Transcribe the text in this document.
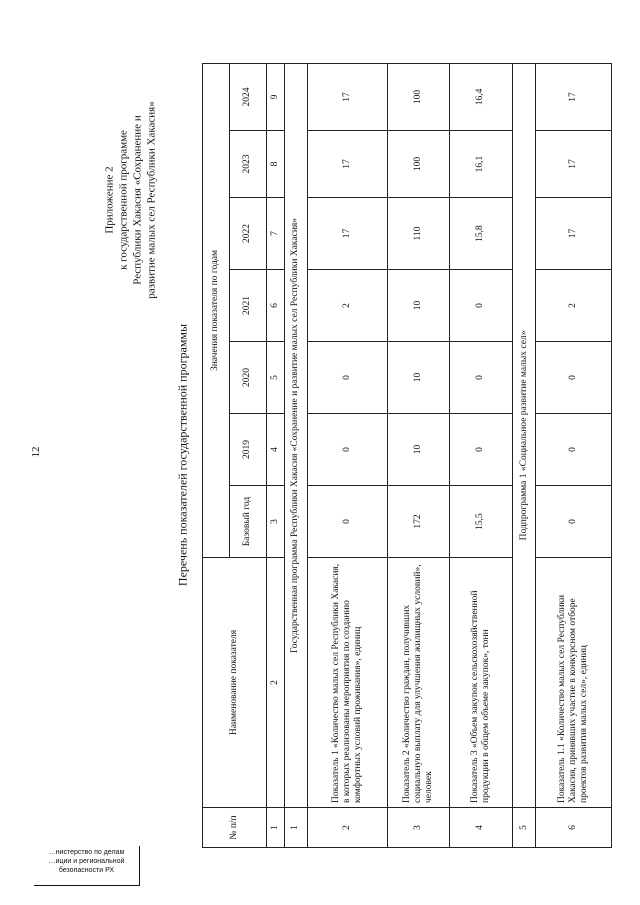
12
Приложение 2 к государственной программе Республики Хакасия «Сохранение и развитие малых сел Республики Хакасия»
Перечень показателей государственной программы
№ п/п	Наименование показателя	Значения показателя по годам						
		Базовый год	2019	2020	2021	2022	2023	2024
1	2	3	4	5	6	7	8	9
1	Государственная программа Республики Хакасия «Сохранение и развитие малых сел Республики Хакасия»							
2	Показатель 1 «Количество малых сел Республики Хакасия, в которых реализованы мероприятия по созданию комфортных условий проживания», единиц	0	0	0	2	17	17	17
3	Показатель 2 «Количество граждан, получивших социальную выплату для улучшения жилищных условий», человек	172	10	10	10	110	100	100
4	Показатель 3 «Объем закупок сельскохозяйственной продукции в общем объеме закупок», тонн	15,5	0	0	0	15,8	16,1	16,4
5	Подпрограмма 1 «Социальное развитие малых сел»							
6	Показатель 1.1 «Количество малых сел Республики Хакасия, принявших участие в конкурсном отборе проектов развития малых сел», единиц	0	0	0	2	17	17	17
…нистерство по делам
…иции и региональной
безопасности РХ
